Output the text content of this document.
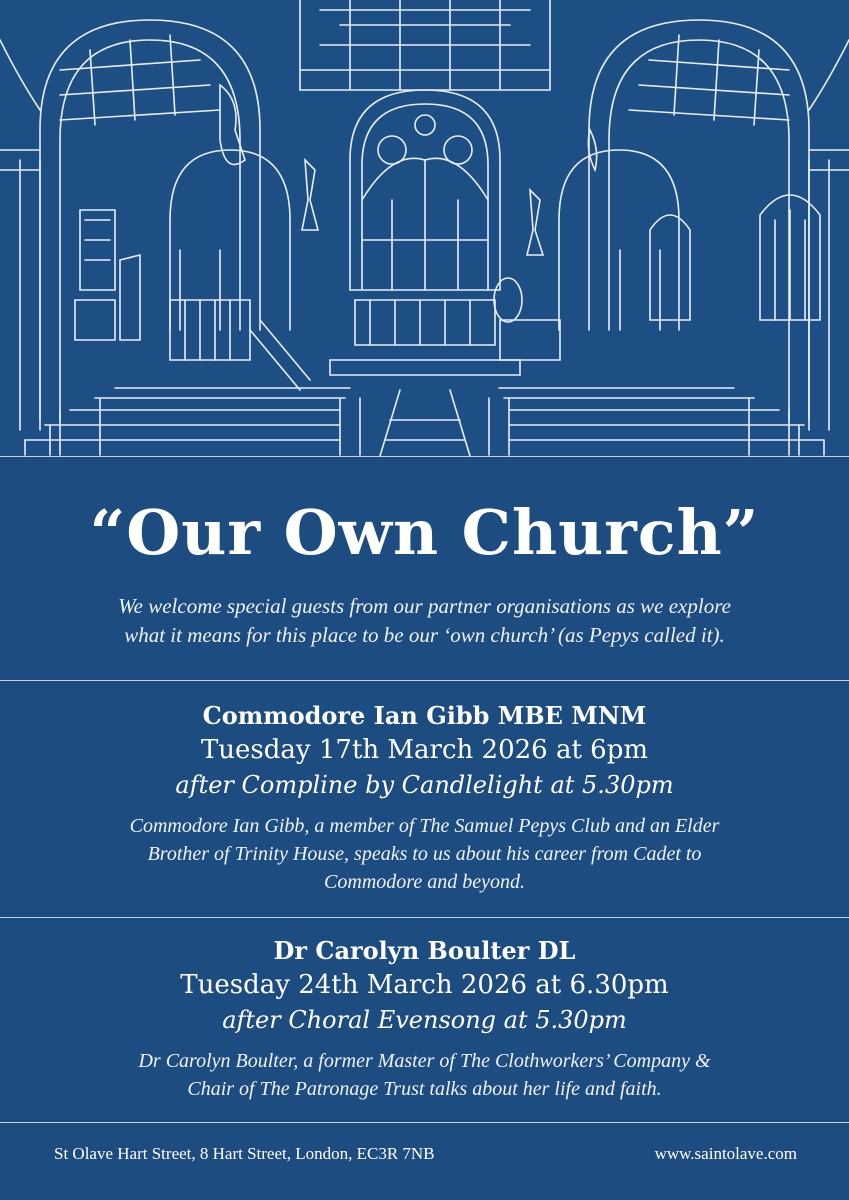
“Our Own Church”
We welcome special guests from our partner organisations as we explore
what it means for this place to be our ‘own church’ (as Pepys called it).
Commodore Ian Gibb MBE MNM
Tuesday 17th March 2026 at 6pm
after Compline by Candlelight at 5.30pm
Commodore Ian Gibb, a member of The Samuel Pepys Club and an Elder
Brother of Trinity House, speaks to us about his career from Cadet to
Commodore and beyond.
Dr Carolyn Boulter DL
Tuesday 24th March 2026 at 6.30pm
after Choral Evensong at 5.30pm
Dr Carolyn Boulter, a former Master of The Clothworkers’ Company &
Chair of The Patronage Trust talks about her life and faith.
St Olave Hart Street, 8 Hart Street, London, EC3R 7NB	www.saintolave.com
